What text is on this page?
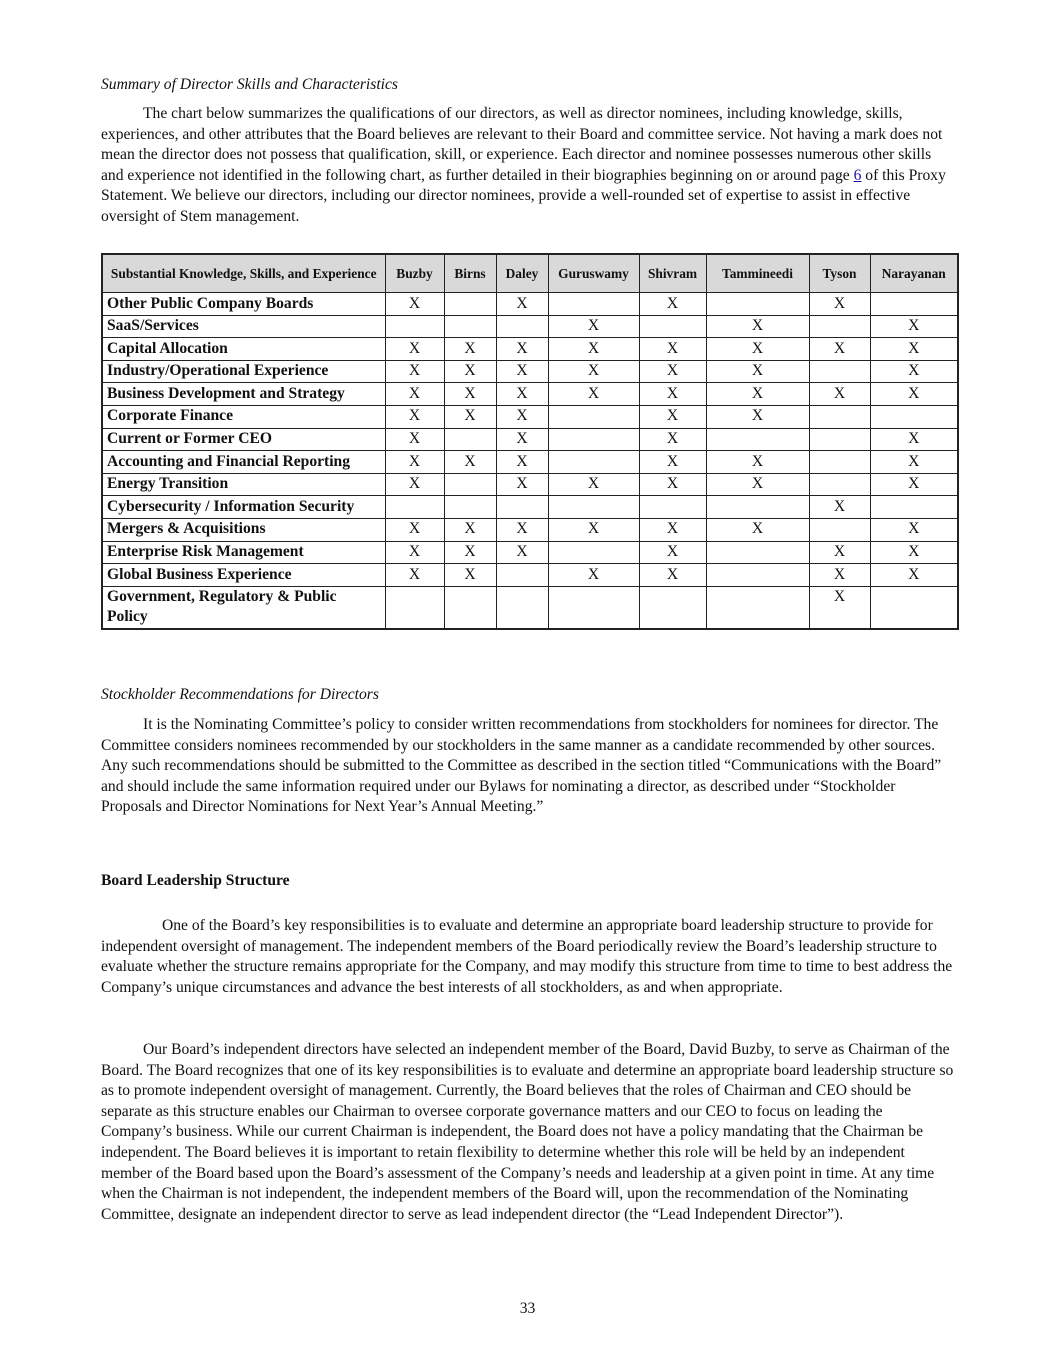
Summary of Director Skills and Characteristics

The chart below summarizes the qualifications of our directors, as well as director nominees, including knowledge, skills, experiences, and other attributes that the Board believes are relevant to their Board and committee service. Not having a mark does not mean the director does not possess that qualification, skill, or experience. Each director and nominee possesses numerous other skills and experience not identified in the following chart, as further detailed in their biographies beginning on or around page 6 of this Proxy Statement. We believe our directors, including our director nominees, provide a well-rounded set of expertise to assist in effective oversight of Stem management.

Substantial Knowledge, Skills, and Experience	Buzby	Birns	Daley	Guruswamy	Shivram	Tammineedi	Tyson	Narayanan
Other Public Company Boards	X		X		X		X	
SaaS/Services				X		X		X
Capital Allocation	X	X	X	X	X	X	X	X
Industry/Operational Experience	X	X	X	X	X	X		X
Business Development and Strategy	X	X	X	X	X	X	X	X
Corporate Finance	X	X	X		X	X		
Current or Former CEO	X		X		X			X
Accounting and Financial Reporting	X	X	X		X	X		X
Energy Transition	X		X	X	X	X		X
Cybersecurity / Information Security							X	
Mergers & Acquisitions	X	X	X	X	X	X		X
Enterprise Risk Management	X	X	X		X		X	X
Global Business Experience	X	X		X	X		X	X
Government, Regulatory & Public Policy							X	

Stockholder Recommendations for Directors

It is the Nominating Committee’s policy to consider written recommendations from stockholders for nominees for director. The Committee considers nominees recommended by our stockholders in the same manner as a candidate recommended by other sources. Any such recommendations should be submitted to the Committee as described in the section titled “Communications with the Board” and should include the same information required under our Bylaws for nominating a director, as described under “Stockholder Proposals and Director Nominations for Next Year’s Annual Meeting.”

Board Leadership Structure

One of the Board’s key responsibilities is to evaluate and determine an appropriate board leadership structure to provide for independent oversight of management. The independent members of the Board periodically review the Board’s leadership structure to evaluate whether the structure remains appropriate for the Company, and may modify this structure from time to time to best address the Company’s unique circumstances and advance the best interests of all stockholders, as and when appropriate.

Our Board’s independent directors have selected an independent member of the Board, David Buzby, to serve as Chairman of the Board. The Board recognizes that one of its key responsibilities is to evaluate and determine an appropriate board leadership structure so as to promote independent oversight of management. Currently, the Board believes that the roles of Chairman and CEO should be separate as this structure enables our Chairman to oversee corporate governance matters and our CEO to focus on leading the Company’s business. While our current Chairman is independent, the Board does not have a policy mandating that the Chairman be independent. The Board believes it is important to retain flexibility to determine whether this role will be held by an independent member of the Board based upon the Board’s assessment of the Company’s needs and leadership at a given point in time. At any time when the Chairman is not independent, the independent members of the Board will, upon the recommendation of the Nominating Committee, designate an independent director to serve as lead independent director (the “Lead Independent Director”).

33
